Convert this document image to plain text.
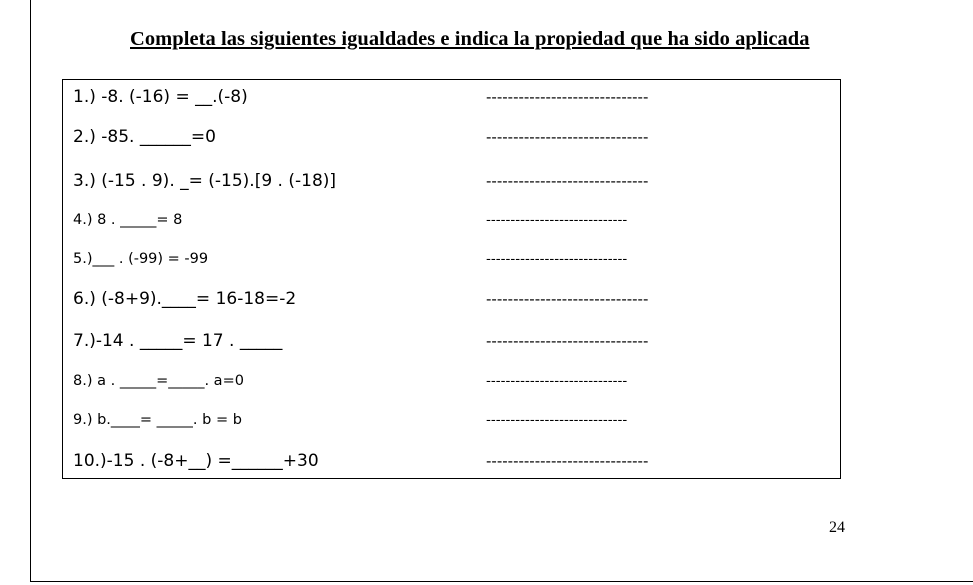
Completa las siguientes igualdades e indica la propiedad que ha sido aplicada
1.) -8. (-16) = __.(-8)	------------------------------
2.) -85. ______=0	------------------------------
3.) (-15 . 9). _= (-15).[9 . (-18)]	------------------------------
4.) 8 . _____= 8	-----------------------------
5.)___ . (-99) = -99	-----------------------------
6.) (-8+9).____= 16-18=-2	------------------------------
7.)-14 . _____= 17 . _____	------------------------------
8.) a . _____=_____. a=0	-----------------------------
9.) b.____= _____. b = b	-----------------------------
10.)-15 . (-8+__) =______+30	------------------------------
24
